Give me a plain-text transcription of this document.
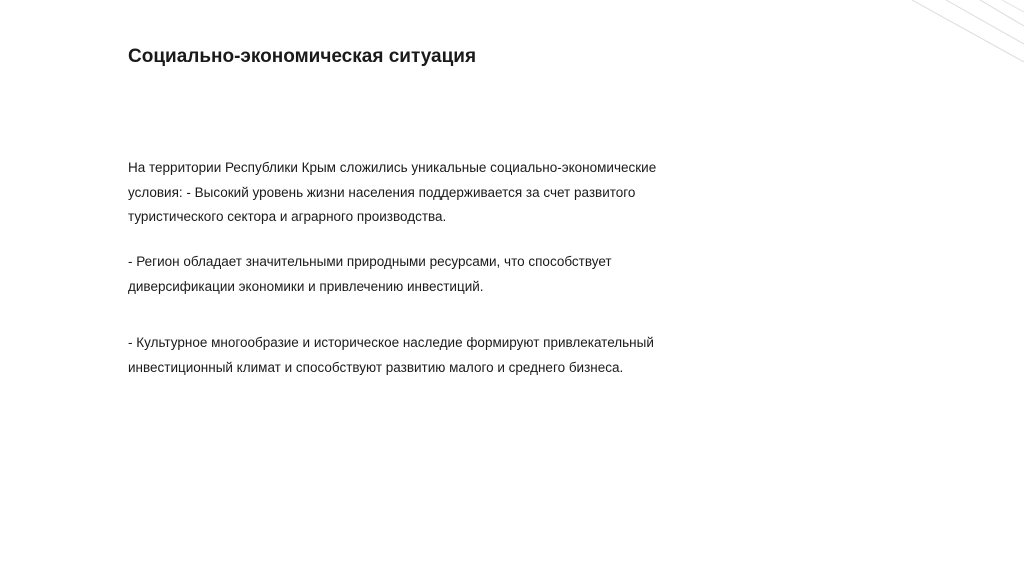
Социально-экономическая ситуация

На территории Республики Крым сложились уникальные социально-экономические условия: - Высокий уровень жизни населения поддерживается за счет развитого туристического сектора и аграрного производства.

- Регион обладает значительными природными ресурсами, что способствует диверсификации экономики и привлечению инвестиций.

- Культурное многообразие и историческое наследие формируют привлекательный инвестиционный климат и способствуют развитию малого и среднего бизнеса.
